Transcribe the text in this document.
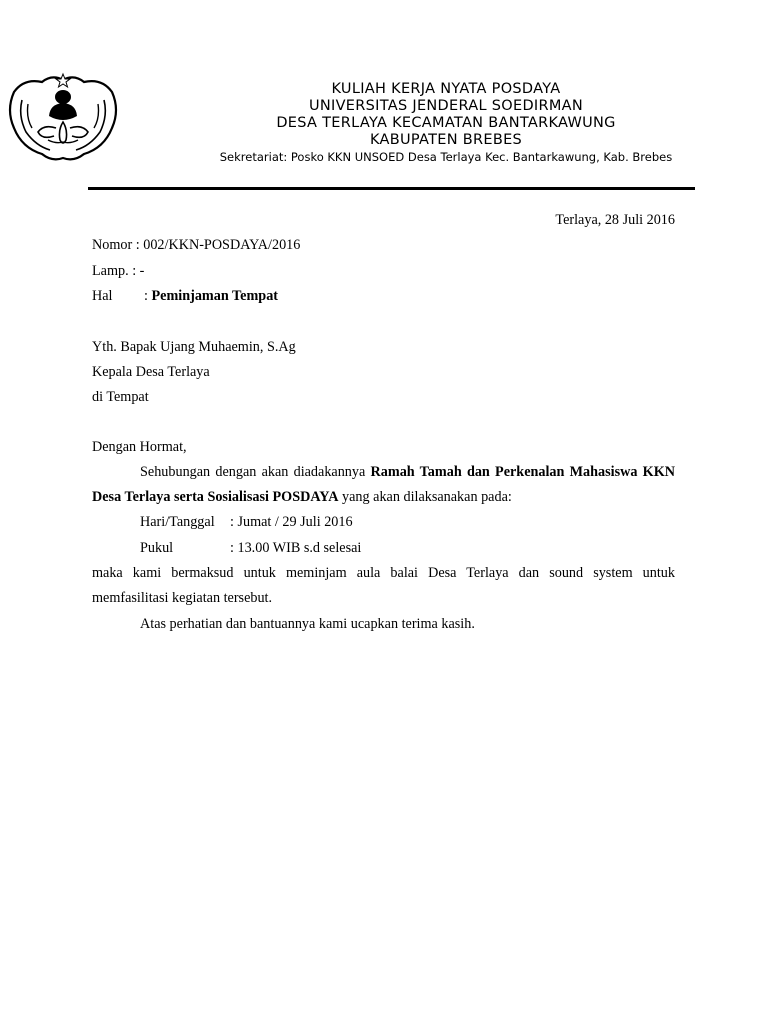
KULIAH KERJA NYATA POSDAYA
UNIVERSITAS JENDERAL SOEDIRMAN
DESA TERLAYA KECAMATAN BANTARKAWUNG
KABUPATEN BREBES
Sekretariat: Posko KKN UNSOED Desa Terlaya Kec. Bantarkawung, Kab. Brebes
Terlaya, 28 Juli 2016
Nomor : 002/KKN-POSDAYA/2016
Lamp. : -
Hal : Peminjaman Tempat
Yth. Bapak Ujang Muhaemin, S.Ag
Kepala Desa Terlaya
di Tempat
Dengan Hormat,
Sehubungan dengan akan diadakannya Ramah Tamah dan Perkenalan Mahasiswa KKN Desa Terlaya serta Sosialisasi POSDAYA yang akan dilaksanakan pada:
Hari/Tanggal : Jumat / 29 Juli 2016
Pukul	: 13.00 WIB s.d selesai
maka kami bermaksud untuk meminjam aula balai Desa Terlaya dan sound system untuk memfasilitasi kegiatan tersebut.
Atas perhatian dan bantuannya kami ucapkan terima kasih.
